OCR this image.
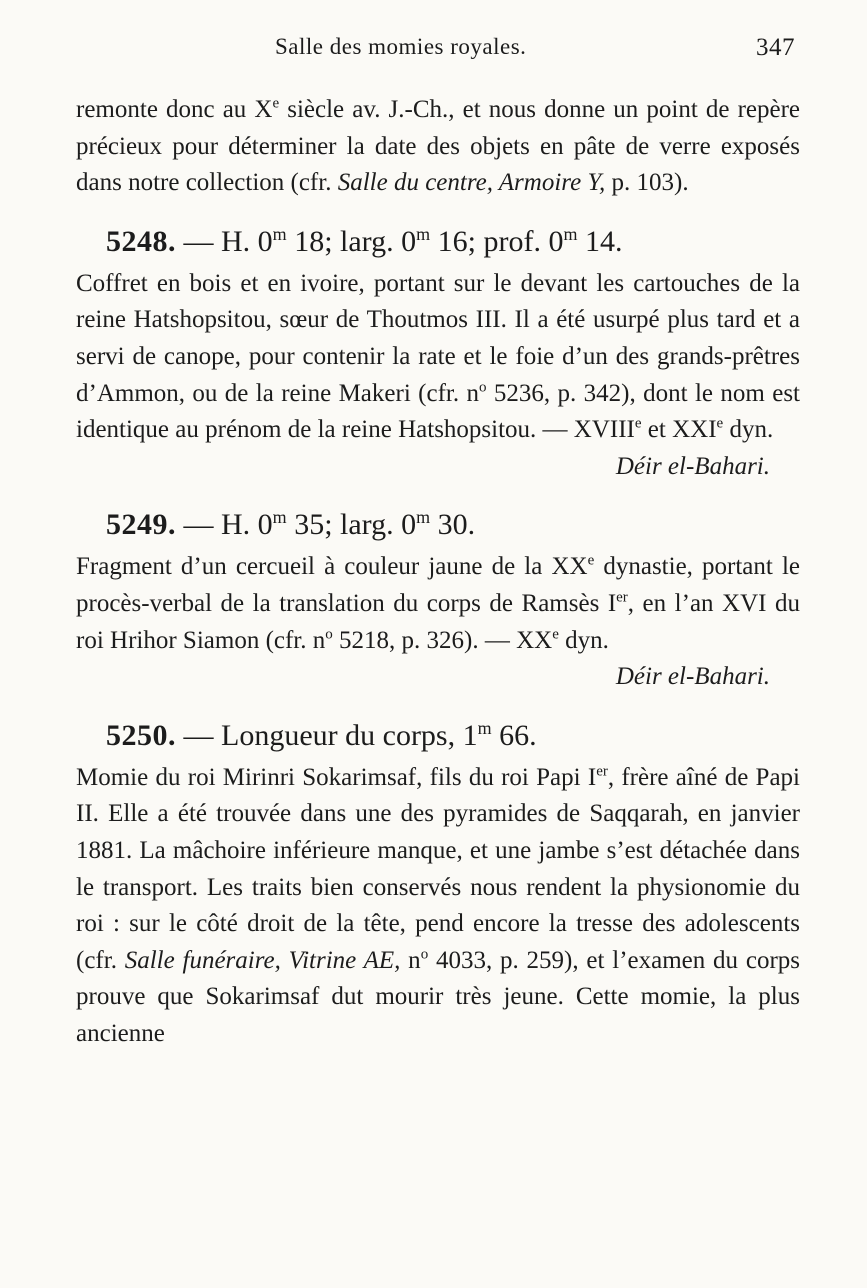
Salle des momies royales.	347

remonte donc au Xe siècle av. J.-Ch., et nous donne un point de repère précieux pour déterminer la date des objets en pâte de verre exposés dans notre collection (cfr. Salle du centre, Armoire Y, p. 103).

5248. — H. 0$^m$ 18; larg. 0$^m$ 16; prof. 0$^m$ 14.

Coffret en bois et en ivoire, portant sur le devant les cartouches de la reine Hatshopsitou, sœur de Thoutmos III. Il a été usurpé plus tard et a servi de canope, pour contenir la rate et le foie d’un des grands-prêtres d’Ammon, ou de la reine Makeri (cfr. $n^o$ 5236, p. 342), dont le nom est identique au prénom de la reine Hatshopsitou. — XVIIIe et XXIe dyn.

Déir el-Bahari.

5249. — H. 0$^m$ 35; larg. 0$^m$ 30.

Fragment d’un cercueil à couleur jaune de la XXe dynastie, portant le procès-verbal de la translation du corps de Ramsès Ier, en l’an XVI du roi Hrihor Siamon (cfr. $n^o$ 5218, p. 326). — XXe dyn.

Déir el-Bahari.

5250. — Longueur du corps, 1$^m$ 66.

Momie du roi Mirinri Sokarimsaf, fils du roi Papi Ier, frère aîné de Papi II. Elle a été trouvée dans une des pyramides de Saqqarah, en janvier 1881. La mâchoire inférieure manque, et une jambe s’est détachée dans le transport. Les traits bien conservés nous rendent la physionomie du roi : sur le côté droit de la tête, pend encore la tresse des adolescents (cfr. Salle funéraire, Vitrine AE, $n^o$ 4033, p. 259), et l’examen du corps prouve que Sokarimsaf dut mourir très jeune. Cette momie, la plus ancienne
